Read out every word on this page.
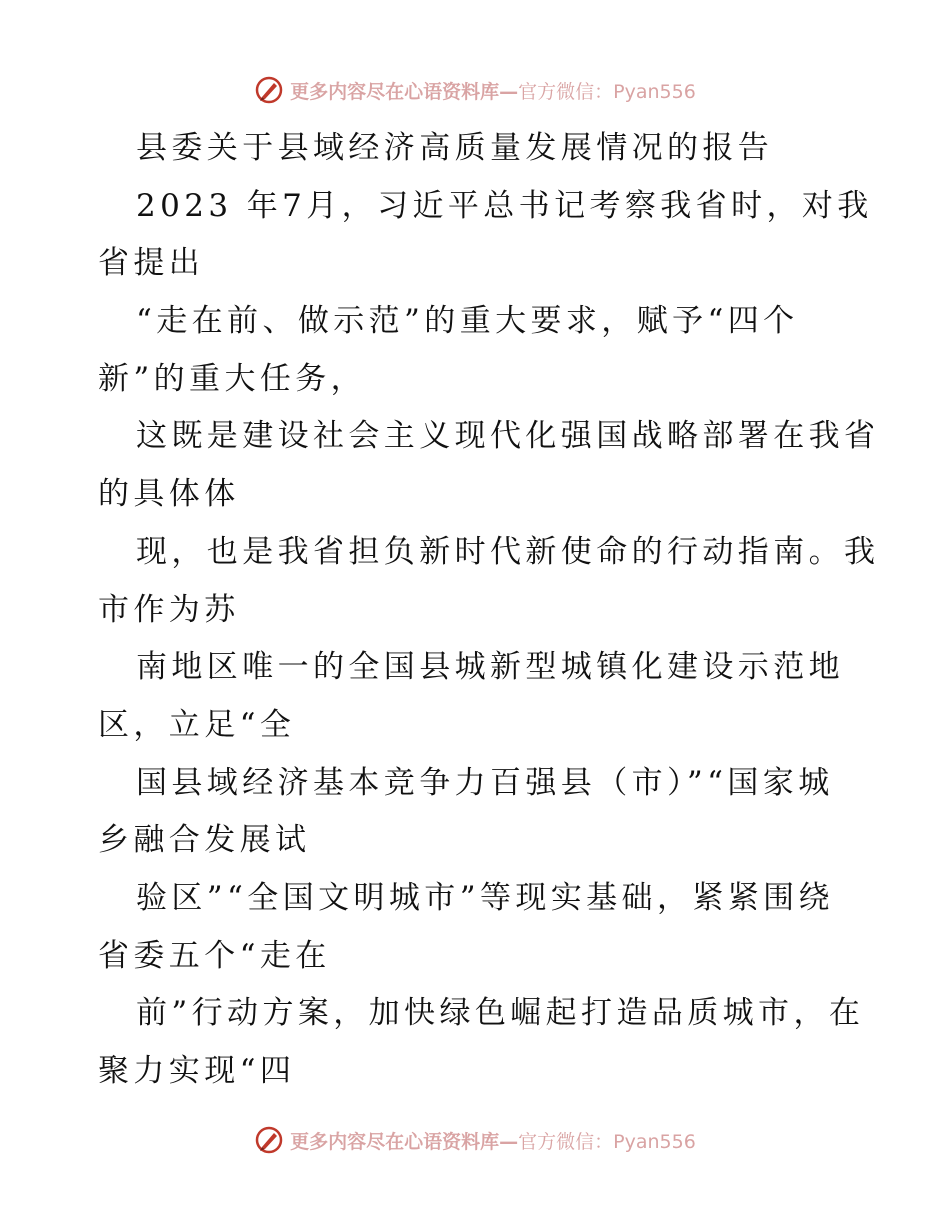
更多内容尽在心语资料库—官方微信：Pyan556
县委关于县域经济高质量发展情况的报告
2023 年7月，习近平总书记考察我省时，对我
省提出
“走在前、做示范”的重大要求，赋予“四个
新”的重大任务，
这既是建设社会主义现代化强国战略部署在我省
的具体体
现，也是我省担负新时代新使命的行动指南。我
市作为苏
南地区唯一的全国县城新型城镇化建设示范地
区，立足“全
国县域经济基本竞争力百强县（市）”“国家城
乡融合发展试
验区”“全国文明城市”等现实基础，紧紧围绕
省委五个“走在
前”行动方案，加快绿色崛起打造品质城市，在
聚力实现“四
更多内容尽在心语资料库—官方微信：Pyan556
